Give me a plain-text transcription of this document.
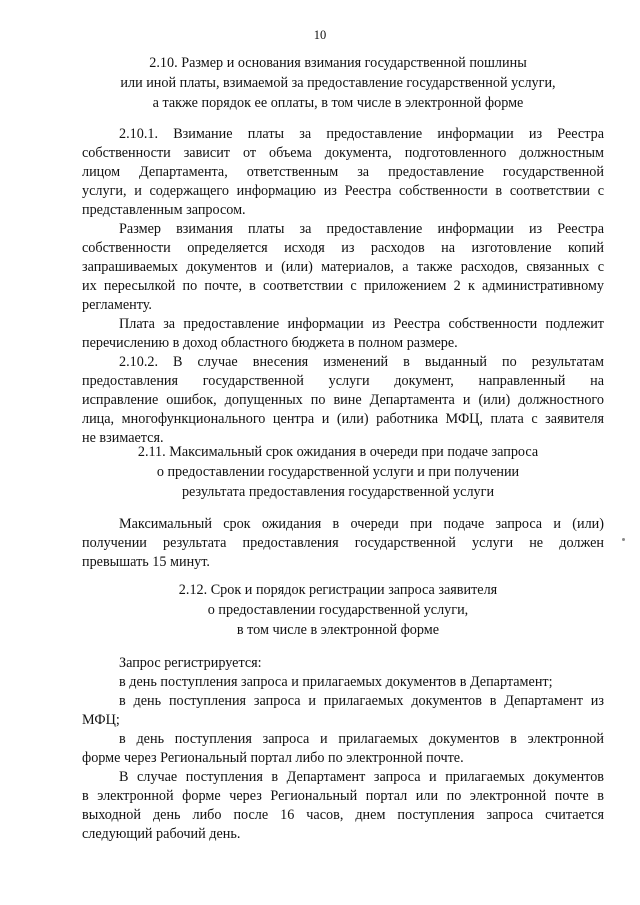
10
2.10. Размер и основания взимания государственной пошлины
или иной платы, взимаемой за предоставление государственной услуги,
а также порядок ее оплаты, в том числе в электронной форме
2.10.1. Взимание платы за предоставление информации из Реестра
собственности зависит от объема документа, подготовленного должностным
лицом Департамента, ответственным за предоставление государственной
услуги, и содержащего информацию из Реестра собственности в соответствии с
представленным запросом.
Размер взимания платы за предоставление информации из Реестра
собственности определяется исходя из расходов на изготовление копий
запрашиваемых документов и (или) материалов, а также расходов, связанных с
их пересылкой по почте, в соответствии с приложением 2 к административному
регламенту.
Плата за предоставление информации из Реестра собственности подлежит
перечислению в доход областного бюджета в полном размере.
2.10.2. В случае внесения изменений в выданный по результатам
предоставления государственной услуги документ, направленный на
исправление ошибок, допущенных по вине Департамента и (или) должностного
лица, многофункционального центра и (или) работника МФЦ, плата с заявителя
не взимается.
2.11. Максимальный срок ожидания в очереди при подаче запроса
о предоставлении государственной услуги и при получении
результата предоставления государственной услуги
Максимальный срок ожидания в очереди при подаче запроса и (или)
получении результата предоставления государственной услуги не должен
превышать 15 минут.
2.12. Срок и порядок регистрации запроса заявителя
о предоставлении государственной услуги,
в том числе в электронной форме
Запрос регистрируется:
в день поступления запроса и прилагаемых документов в Департамент;
в день поступления запроса и прилагаемых документов в Департамент из
МФЦ;
в день поступления запроса и прилагаемых документов в электронной
форме через Региональный портал либо по электронной почте.
В случае поступления в Департамент запроса и прилагаемых документов
в электронной форме через Региональный портал или по электронной почте в
выходной день либо после 16 часов, днем поступления запроса считается
следующий рабочий день.
